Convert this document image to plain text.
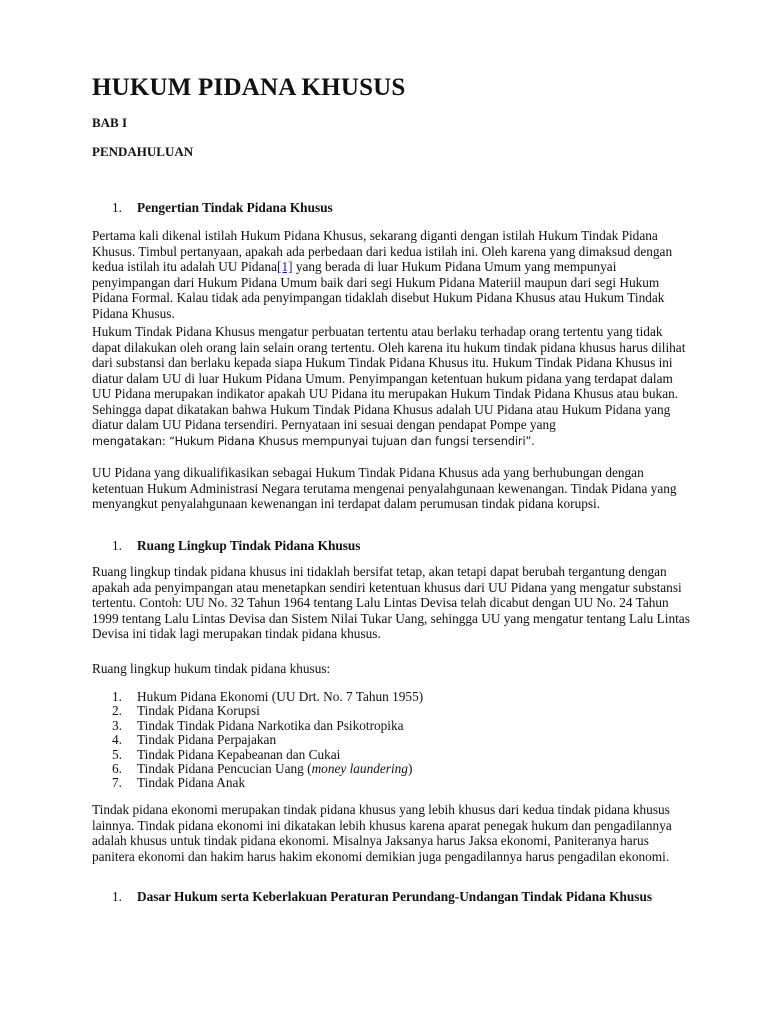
HUKUM PIDANA KHUSUS
BAB I
PENDAHULUAN
1.	Pengertian Tindak Pidana Khusus

Pertama kali dikenal istilah Hukum Pidana Khusus, sekarang diganti dengan istilah Hukum Tindak Pidana Khusus. Timbul pertanyaan, apakah ada perbedaan dari kedua istilah ini. Oleh karena yang dimaksud dengan kedua istilah itu adalah UU Pidana[1] yang berada di luar Hukum Pidana Umum yang mempunyai penyimpangan dari Hukum Pidana Umum baik dari segi Hukum Pidana Materiil maupun dari segi Hukum Pidana Formal. Kalau tidak ada penyimpangan tidaklah disebut Hukum Pidana Khusus atau Hukum Tindak Pidana Khusus.

Hukum Tindak Pidana Khusus mengatur perbuatan tertentu atau berlaku terhadap orang tertentu yang tidak dapat dilakukan oleh orang lain selain orang tertentu. Oleh karena itu hukum tindak pidana khusus harus dilihat dari substansi dan berlaku kepada siapa Hukum Tindak Pidana Khusus itu. Hukum Tindak Pidana Khusus ini diatur dalam UU di luar Hukum Pidana Umum. Penyimpangan ketentuan hukum pidana yang terdapat dalam UU Pidana merupakan indikator apakah UU Pidana itu merupakan Hukum Tindak Pidana Khusus atau bukan. Sehingga dapat dikatakan bahwa Hukum Tindak Pidana Khusus adalah UU Pidana atau Hukum Pidana yang diatur dalam UU Pidana tersendiri. Pernyataan ini sesuai dengan pendapat Pompe yang
mengatakan: “Hukum Pidana Khusus mempunyai tujuan dan fungsi tersendiri”.

UU Pidana yang dikualifikasikan sebagai Hukum Tindak Pidana Khusus ada yang berhubungan dengan ketentuan Hukum Administrasi Negara terutama mengenai penyalahgunaan kewenangan. Tindak Pidana yang menyangkut penyalahgunaan kewenangan ini terdapat dalam perumusan tindak pidana korupsi.

1.	Ruang Lingkup Tindak Pidana Khusus

Ruang lingkup tindak pidana khusus ini tidaklah bersifat tetap, akan tetapi dapat berubah tergantung dengan apakah ada penyimpangan atau menetapkan sendiri ketentuan khusus dari UU Pidana yang mengatur substansi tertentu. Contoh: UU No. 32 Tahun 1964 tentang Lalu Lintas Devisa telah dicabut dengan UU No. 24 Tahun 1999 tentang Lalu Lintas Devisa dan Sistem Nilai Tukar Uang, sehingga UU yang mengatur tentang Lalu Lintas Devisa ini tidak lagi merupakan tindak pidana khusus.

Ruang lingkup hukum tindak pidana khusus:

1. Hukum Pidana Ekonomi (UU Drt. No. 7 Tahun 1955)
2. Tindak Pidana Korupsi
3. Tindak Tindak Pidana Narkotika dan Psikotropika
4. Tindak Pidana Perpajakan
5. Tindak Pidana Kepabeanan dan Cukai
6. Tindak Pidana Pencucian Uang (money laundering)
7. Tindak Pidana Anak

Tindak pidana ekonomi merupakan tindak pidana khusus yang lebih khusus dari kedua tindak pidana khusus lainnya. Tindak pidana ekonomi ini dikatakan lebih khusus karena aparat penegak hukum dan pengadilannya adalah khusus untuk tindak pidana ekonomi. Misalnya Jaksanya harus Jaksa ekonomi, Paniteranya harus panitera ekonomi dan hakim harus hakim ekonomi demikian juga pengadilannya harus pengadilan ekonomi.

1.	Dasar Hukum serta Keberlakuan Peraturan Perundang-Undangan Tindak Pidana Khusus
